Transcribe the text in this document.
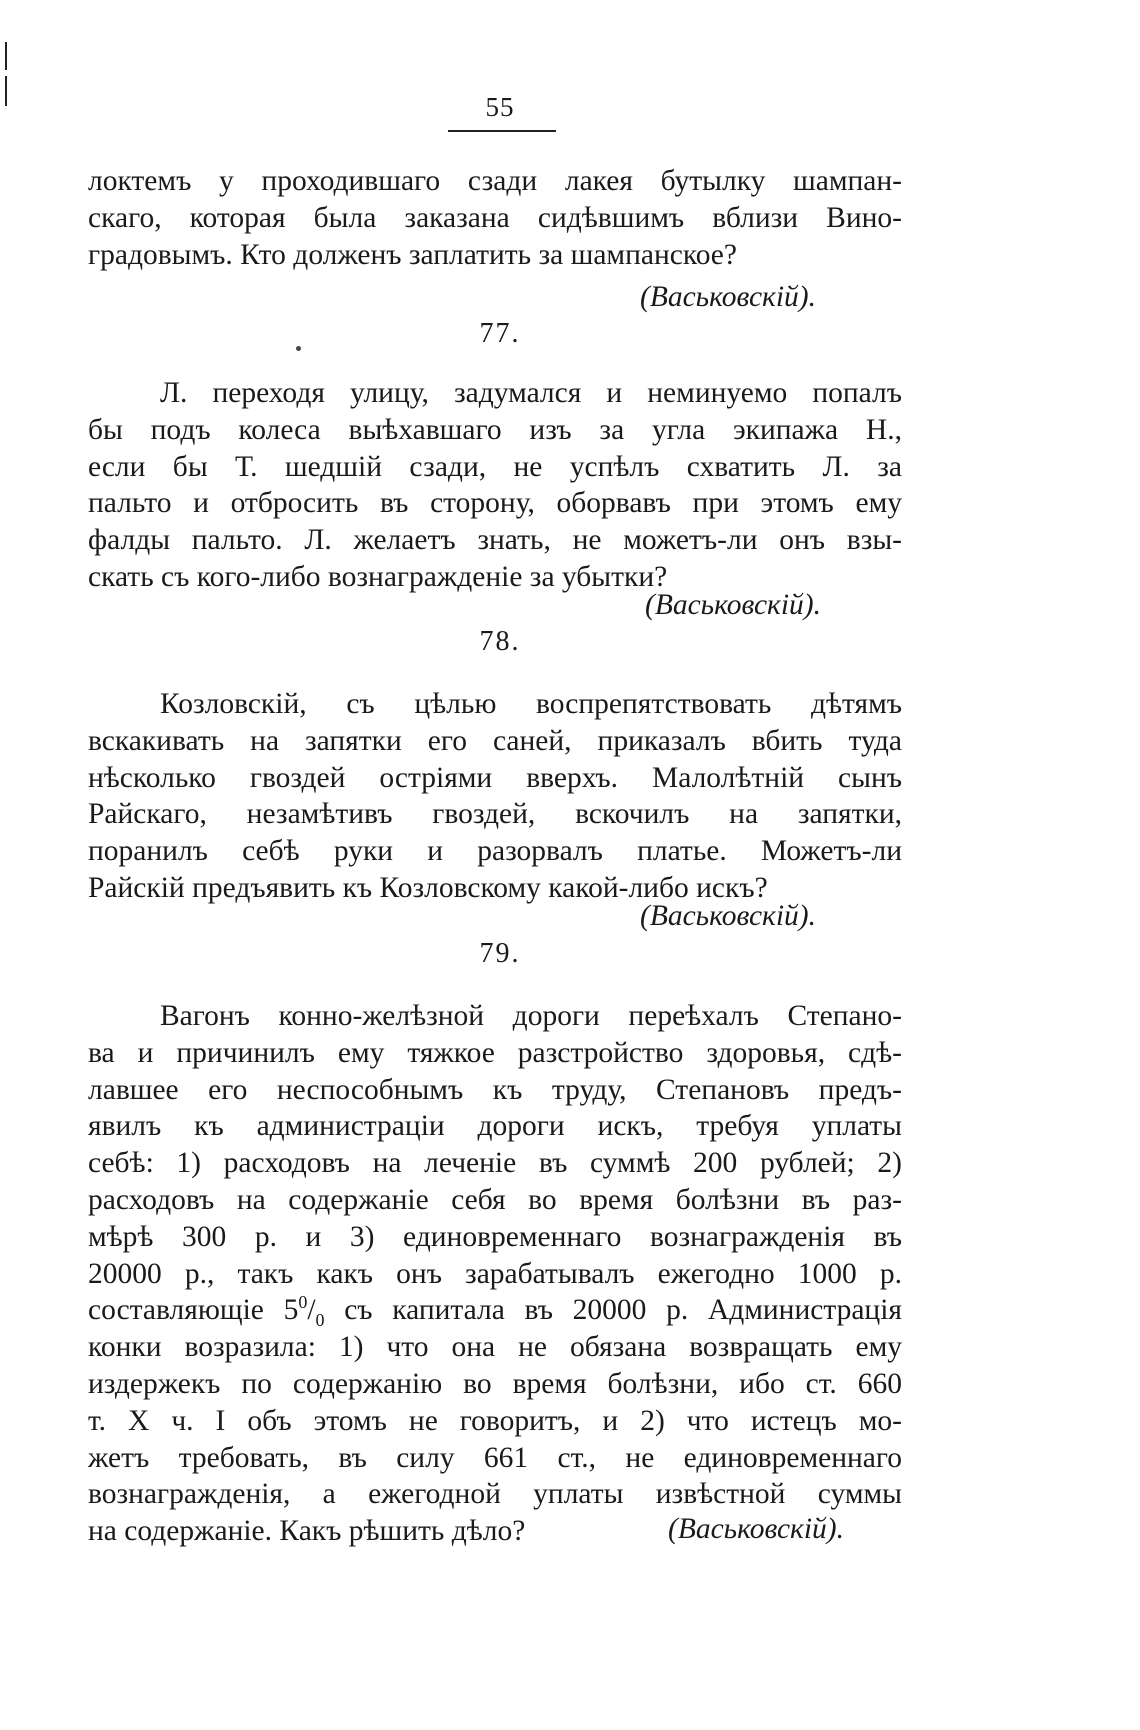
55
локтемъ у проходившаго сзади лакея бутылку шампан-
скаго, которая была заказана сидѣвшимъ вблизи Вино-
градовымъ. Кто долженъ заплатить за шампанское?
(Васьковскій).
77.
Л. переходя улицу, задумался и неминуемо попалъ
бы подъ колеса выѣхавшаго изъ за угла экипажа Н.,
если бы Т. шедшій сзади, не успѣлъ схватить Л. за
пальто и отбросить въ сторону, оборвавъ при этомъ ему
фалды пальто. Л. желаетъ знать, не можетъ-ли онъ взы-
скать съ кого-либо вознагражденіе за убытки?
(Васьковскій).
78.
Козловскій, съ цѣлью воспрепятствовать дѣтямъ
вскакивать на запятки его саней, приказалъ вбить туда
нѣсколько гвоздей остріями вверхъ. Малолѣтній сынъ
Райскаго, незамѣтивъ гвоздей, вскочилъ на запятки,
поранилъ себѣ руки и разорвалъ платье. Можетъ-ли
Райскій предъявить къ Козловскому какой-либо искъ?
(Васьковскій).
79.
Вагонъ конно-желѣзной дороги переѣхалъ Степано-
ва и причинилъ ему тяжкое разстройство здоровья, сдѣ-
лавшее его неспособнымъ къ труду, Степановъ предъ-
явилъ къ администраціи дороги искъ, требуя уплаты
себѣ: 1) расходовъ на леченіе въ суммѣ 200 рублей; 2)
расходовъ на содержаніе себя во время болѣзни въ раз-
мѣрѣ 300 р. и 3) единовременнаго вознагражденія въ
20000 р., такъ какъ онъ зарабатывалъ ежегодно 1000 р.
составляющіе $5^0/_0$ съ капитала въ 20000 р. Администрація
конки возразила: 1) что она не обязана возвращать ему
издержекъ по содержанію во время болѣзни, ибо ст. 660
т. X ч. I объ этомъ не говоритъ, и 2) что истецъ мо-
жетъ требовать, въ силу 661 ст., не единовременнаго
вознагражденія, а ежегодной уплаты извѣстной суммы
на содержаніе. Какъ рѣшить дѣло?	(Васьковскій).
